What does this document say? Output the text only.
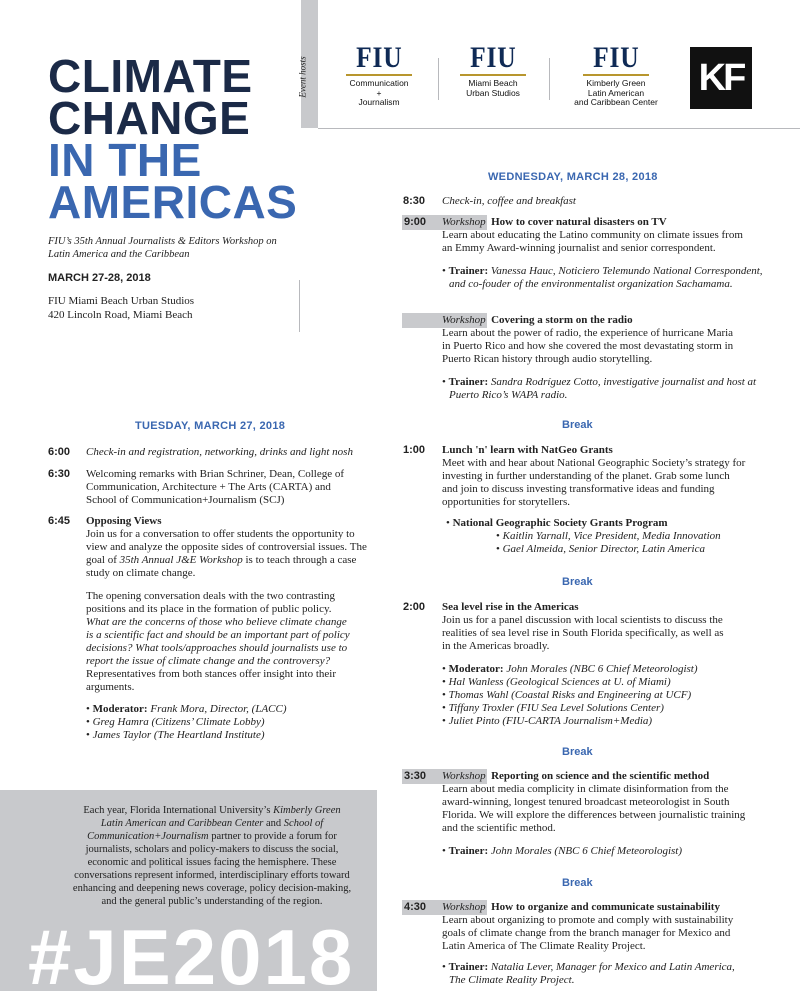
CLIMATE
CHANGE
IN THE
AMERICAS
FIU’s 35th Annual Journalists & Editors Workshop on Latin America and the Caribbean
MARCH 27-28, 2018
FIU Miami Beach Urban Studios
420 Lincoln Road, Miami Beach
Event hosts	FIU
Communication
+
Journalism
FIU
Miami Beach
Urban Studios
FIU
Kimberly Green
Latin American
and Caribbean Center
KF
TUESDAY, MARCH 27, 2018
6:00 Check-in and registration, networking, drinks and light nosh
6:30 Welcoming remarks with Brian Schriner, Dean, College of
Communication, Architecture + The Arts (CARTA) and
School of Communication+Journalism (SCJ)
6:45 Opposing Views
Join us for a conversation to offer students the opportunity to
view and analyze the opposite sides of controversial issues. The
goal of 35th Annual J&E Workshop is to teach through a case
study on climate change.
The opening conversation deals with the two contrasting
positions and its place in the formation of public policy.
What are the concerns of those who believe climate change
is a scientific fact and should be an important part of policy
decisions? What tools/approaches should journalists use to
report the issue of climate change and the controversy?
Representatives from both stances offer insight into their
arguments.
• Moderator: Frank Mora, Director, (LACC)
• Greg Hamra (Citizens’ Climate Lobby)
• James Taylor (The Heartland Institute)
Each year, Florida International University’s Kimberly Green
Latin American and Caribbean Center and School of
Communication+Journalism partner to provide a forum for
journalists, scholars and policy-makers to discuss the social,
economic and political issues facing the hemisphere. These
conversations represent informed, interdisciplinary efforts toward
enhancing and deepening news coverage, policy decision-making,
and the general public’s understanding of the region.
#JE2018
WEDNESDAY, MARCH 28, 2018
8:30 Check-in, coffee and breakfast
9:00 Workshop How to cover natural disasters on TV
Learn about educating the Latino community on climate issues from
an Emmy Award-winning journalist and senior correspondent.
• Trainer: Vanessa Hauc, Noticiero Telemundo National Correspondent,
and co-fouder of the environmentalist organization Sachamama.
Workshop Covering a storm on the radio
Learn about the power of radio, the experience of hurricane Maria
in Puerto Rico and how she covered the most devastating storm in
Puerto Rican history through audio storytelling.
• Trainer: Sandra Rodríguez Cotto, investigative journalist and host at
Puerto Rico’s WAPA radio.
Break
1:00 Lunch 'n' learn with NatGeo Grants
Meet with and hear about National Geographic Society’s strategy for
investing in further understanding of the planet. Grab some lunch
and join to discuss investing transformative ideas and funding
opportunities for storytellers.
• National Geographic Society Grants Program
• Kaitlin Yarnall, Vice President, Media Innovation
• Gael Almeida, Senior Director, Latin America
Break
2:00 Sea level rise in the Americas
Join us for a panel discussion with local scientists to discuss the
realities of sea level rise in South Florida specifically, as well as
in the Americas broadly.
• Moderator: John Morales (NBC 6 Chief Meteorologist)
• Hal Wanless (Geological Sciences at U. of Miami)
• Thomas Wahl (Coastal Risks and Engineering at UCF)
• Tiffany Troxler (FIU Sea Level Solutions Center)
• Juliet Pinto (FIU-CARTA Journalism+Media)
Break
3:30 Workshop Reporting on science and the scientific method
Learn about media complicity in climate disinformation from the
award-winning, longest tenured broadcast meteorologist in South
Florida. We will explore the differences between journalistic training
and the scientific method.
• Trainer: John Morales (NBC 6 Chief Meteorologist)
Break
4:30 Workshop How to organize and communicate sustainability
Learn about organizing to promote and comply with sustainability
goals of climate change from the branch manager for Mexico and
Latin America of The Climate Reality Project.
• Trainer: Natalia Lever, Manager for Mexico and Latin America,
The Climate Reality Project.
